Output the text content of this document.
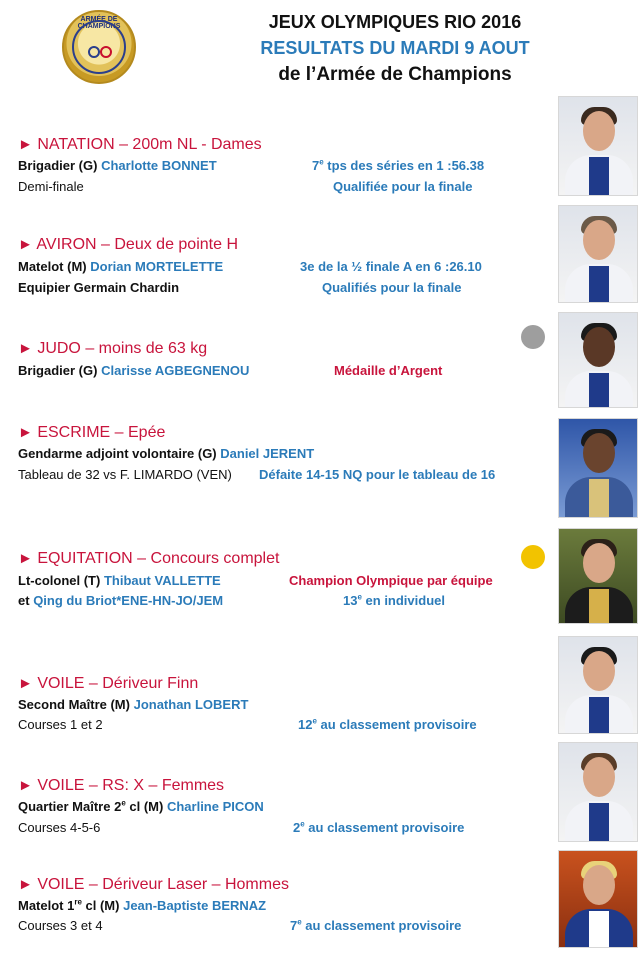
ARMÉE DE CHAMPIONS	JEUX OLYMPIQUES RIO 2016
RESULTATS DU MARDI 9 AOUT
de l’Armée de Champions
► NATATION – 200m NL - Dames
Brigadier (G) Charlotte BONNET	7e tps des séries en 1 :56.38
Demi-finale	Qualifiée pour la finale
► AVIRON – Deux de pointe H
Matelot (M) Dorian MORTELETTE	3e de la ½ finale A en 6 :26.10
Equipier Germain Chardin	Qualifiés pour la finale
► JUDO – moins de 63 kg
Brigadier (G) Clarisse AGBEGNENOU	Médaille d’Argent
► ESCRIME – Epée
Gendarme adjoint volontaire (G) Daniel JERENT
Tableau de 32 vs F. LIMARDO (VEN) Défaite 14-15 NQ pour le tableau de 16
► EQUITATION – Concours complet
Lt-colonel (T) Thibaut VALLETTE	Champion Olympique par équipe
et Qing du Briot*ENE-HN-JO/JEM	13e en individuel
► VOILE – Dériveur Finn
Second Maître (M) Jonathan LOBERT
Courses 1 et 2	12e au classement provisoire
► VOILE – RS: X – Femmes
Quartier Maître 2e cl (M) Charline PICON
Courses 4-5-6	2e au classement provisoire
► VOILE – Dériveur Laser – Hommes
Matelot 1re cl (M) Jean-Baptiste BERNAZ
Courses 3 et 4	7e au classement provisoire
